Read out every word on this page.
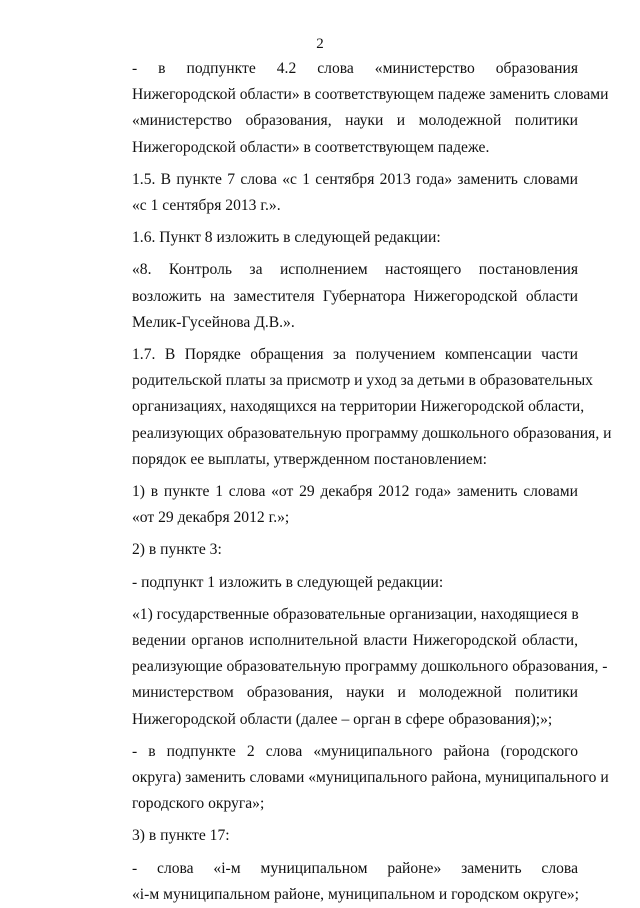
2
- в подпункте 4.2 слова «министерство образования
Нижегородской области» в соответствующем падеже заменить словами
«министерство образования, науки и молодежной политики
Нижегородской области» в соответствующем падеже.
1.5. В пункте 7 слова «с 1 сентября 2013 года» заменить словами
«с 1 сентября 2013 г.».
1.6. Пункт 8 изложить в следующей редакции:
«8. Контроль за исполнением настоящего постановления
возложить на заместителя Губернатора Нижегородской области
Мелик-Гусейнова Д.В.».
1.7. В Порядке обращения за получением компенсации части
родительской платы за присмотр и уход за детьми в образовательных
организациях, находящихся на территории Нижегородской области,
реализующих образовательную программу дошкольного образования, и
порядок ее выплаты, утвержденном постановлением:
1) в пункте 1 слова «от 29 декабря 2012 года» заменить словами
«от 29 декабря 2012 г.»;
2) в пункте 3:
- подпункт 1 изложить в следующей редакции:
«1) государственные образовательные организации, находящиеся в
ведении органов исполнительной власти Нижегородской области,
реализующие образовательную программу дошкольного образования, -
министерством образования, науки и молодежной политики
Нижегородской области (далее – орган в сфере образования);»;
- в подпункте 2 слова «муниципального района (городского
округа) заменить словами «муниципального района, муниципального и
городского округа»;
3) в пункте 17:
- слова «i-м муниципальном районе» заменить слова
«i-м муниципальном районе, муниципальном и городском округе»;
